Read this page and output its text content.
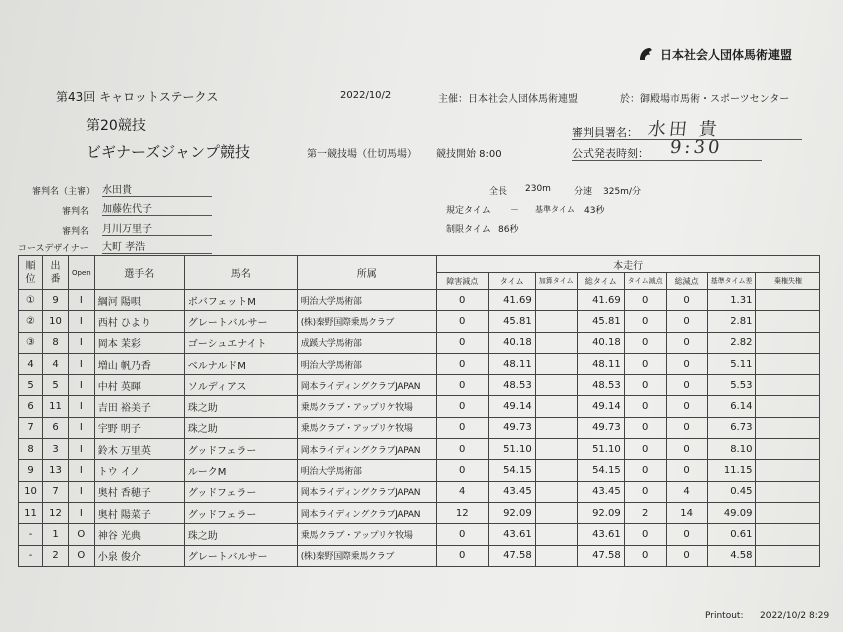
日本社会人団体馬術連盟
第43回 キャロットステークス	2022/10/2	主催：日本社会人団体馬術連盟	於：御殿場市馬術・スポーツセンター
第20競技
ビギナーズジャンプ競技	第一競技場（仕切馬場） 競技開始 8:00
審判員署名： 水田 貴
公式発表時刻： 9:30
審判名（主審） 水田貴
審判名 加藤佐代子
審判名 月川万里子
コースデザイナー 大町 孝浩
全長 230m	分速 325m/分
規定タイム － 基準タイム 43秒
制限タイム 86秒
順位	出番	Open	選手名	馬名	所属	本走行							
						障害減点	タイム	加算タイム	総タイム	タイム減点	総減点	基準タイム差	棄権失権
①	9	I	綱河 陽唄	ボバフェットM	明治大学馬術部	0	41.69		41.69	0	0	1.31	
②	10	I	西村 ひより	グレートバルサー	(株)秦野国際乗馬クラブ	0	45.81		45.81	0	0	2.81	
③	8	I	岡本 茉彩	ゴーシュエナイト	成蹊大学馬術部	0	40.18		40.18	0	0	2.82	
4	4	I	増山 帆乃香	ベルナルドM	明治大学馬術部	0	48.11		48.11	0	0	5.11	
5	5	I	中村 英暉	ソルディアス	岡本ライディングクラブJAPAN	0	48.53		48.53	0	0	5.53	
6	11	I	吉田 裕美子	珠之助	乗馬クラブ・アップリケ牧場	0	49.14		49.14	0	0	6.14	
7	6	I	宇野 明子	珠之助	乗馬クラブ・アップリケ牧場	0	49.73		49.73	0	0	6.73	
8	3	I	鈴木 万里英	グッドフェラー	岡本ライディングクラブJAPAN	0	51.10		51.10	0	0	8.10	
9	13	I	トウ イノ	ルークM	明治大学馬術部	0	54.15		54.15	0	0	11.15	
10	7	I	奥村 香穂子	グッドフェラー	岡本ライディングクラブJAPAN	4	43.45		43.45	0	4	0.45	
11	12	I	奥村 陽菜子	グッドフェラー	岡本ライディングクラブJAPAN	12	92.09		92.09	2	14	49.09	
-	1	O	神谷 光典	珠之助	乗馬クラブ・アップリケ牧場	0	43.61		43.61	0	0	0.61	
-	2	O	小泉 俊介	グレートバルサー	(株)秦野国際乗馬クラブ	0	47.58		47.58	0	0	4.58	
Printout: 2022/10/2 8:29
